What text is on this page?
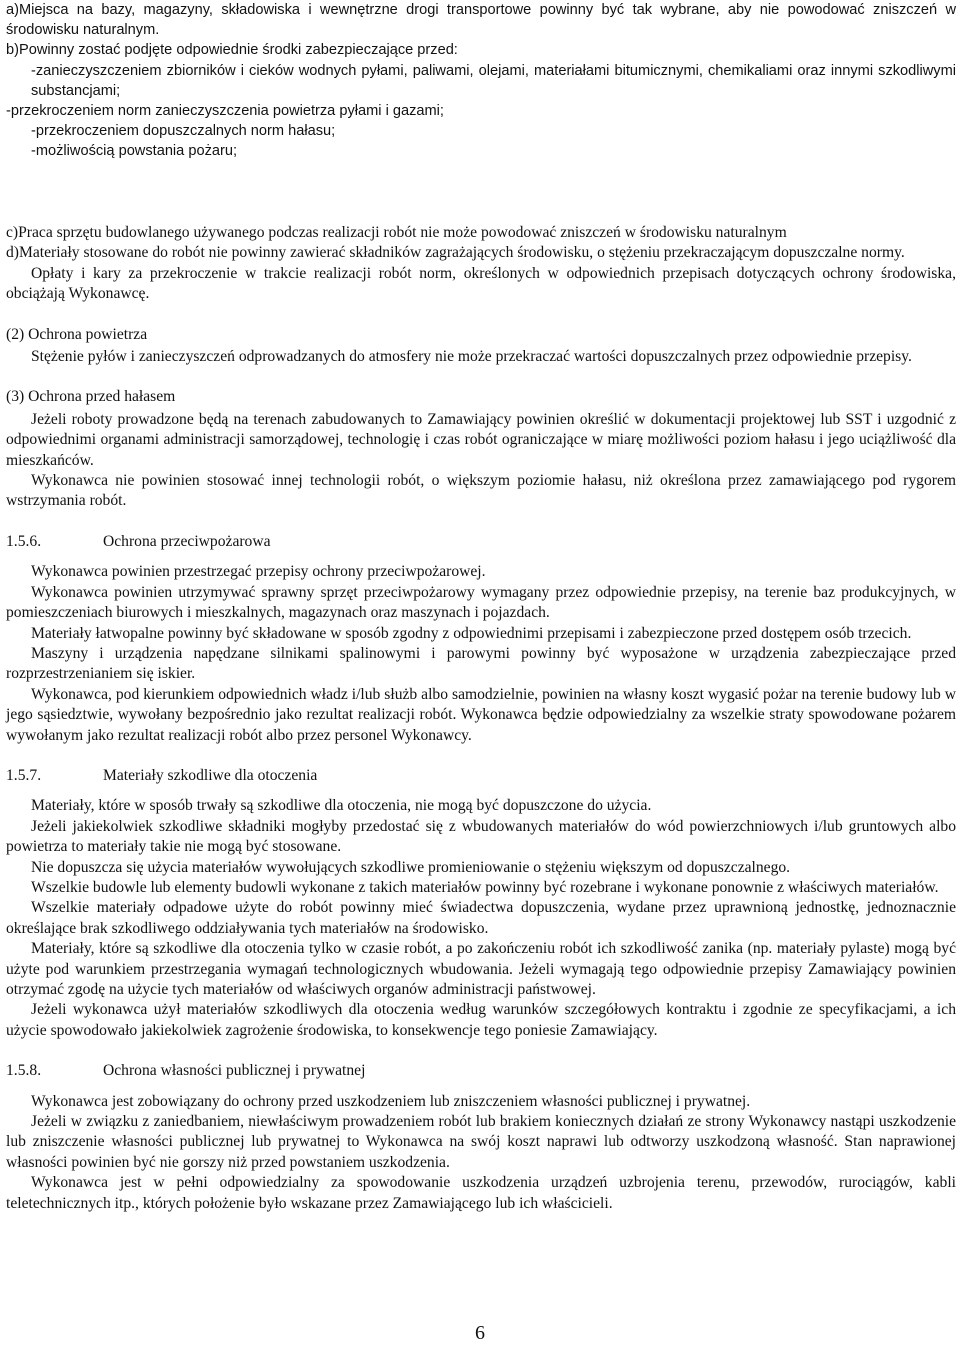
a)Miejsca na bazy, magazyny, składowiska i wewnętrzne drogi transportowe powinny być tak wybrane, aby nie powodować zniszczeń w środowisku naturalnym.

b)Powinny zostać podjęte odpowiednie środki zabezpieczające przed:

-zanieczyszczeniem zbiorników i cieków wodnych pyłami, paliwami, olejami, materiałami bitumicznymi, chemikaliami oraz innymi szkodliwymi substancjami;

-przekroczeniem norm zanieczyszczenia powietrza pyłami i gazami;

-przekroczeniem dopuszczalnych norm hałasu;

-możliwością powstania pożaru;

c)Praca sprzętu budowlanego używanego podczas realizacji robót nie może powodować zniszczeń w środowisku naturalnym

d)Materiały stosowane do robót nie powinny zawierać składników zagrażających środowisku, o stężeniu przekraczającym dopuszczalne normy.

Opłaty i kary za przekroczenie w trakcie realizacji robót norm, określonych w odpowiednich przepisach dotyczących ochrony środowiska, obciążają Wykonawcę.

(2) Ochrona powietrza

Stężenie pyłów i zanieczyszczeń odprowadzanych do atmosfery nie może przekraczać wartości dopuszczalnych przez odpowiednie przepisy.

(3) Ochrona przed hałasem

Jeżeli roboty prowadzone będą na terenach zabudowanych to Zamawiający powinien określić w dokumentacji projektowej lub SST i uzgodnić z odpowiednimi organami administracji samorządowej, technologię i czas robót ograniczające w miarę możliwości poziom hałasu i jego uciążliwość dla mieszkańców.

Wykonawca nie powinien stosować innej technologii robót, o większym poziomie hałasu, niż określona przez zamawiającego pod rygorem wstrzymania robót.

1.5.6.	Ochrona przeciwpożarowa

Wykonawca powinien przestrzegać przepisy ochrony przeciwpożarowej.

Wykonawca powinien utrzymywać sprawny sprzęt przeciwpożarowy wymagany przez odpowiednie przepisy, na terenie baz produkcyjnych, w pomieszczeniach biurowych i mieszkalnych, magazynach oraz maszynach i pojazdach.

Materiały łatwopalne powinny być składowane w sposób zgodny z odpowiednimi przepisami i zabezpieczone przed dostępem osób trzecich.

Maszyny i urządzenia napędzane silnikami spalinowymi i parowymi powinny być wyposażone w urządzenia zabezpieczające przed rozprzestrzenianiem się iskier.

Wykonawca, pod kierunkiem odpowiednich władz i/lub służb albo samodzielnie, powinien na własny koszt wygasić pożar na terenie budowy lub w jego sąsiedztwie, wywołany bezpośrednio jako rezultat realizacji robót. Wykonawca będzie odpowiedzialny za wszelkie straty spowodowane pożarem wywołanym jako rezultat realizacji robót albo przez personel Wykonawcy.

1.5.7.	Materiały szkodliwe dla otoczenia

Materiały, które w sposób trwały są szkodliwe dla otoczenia, nie mogą być dopuszczone do użycia.

Jeżeli jakiekolwiek szkodliwe składniki mogłyby przedostać się z wbudowanych materiałów do wód powierzchniowych i/lub gruntowych albo powietrza to materiały takie nie mogą być stosowane.

Nie dopuszcza się użycia materiałów wywołujących szkodliwe promieniowanie o stężeniu większym od dopuszczalnego.

Wszelkie budowle lub elementy budowli wykonane z takich materiałów powinny być rozebrane i wykonane ponownie z właściwych materiałów.

Wszelkie materiały odpadowe użyte do robót powinny mieć świadectwa dopuszczenia, wydane przez uprawnioną jednostkę, jednoznacznie określające brak szkodliwego oddziaływania tych materiałów na środowisko.

Materiały, które są szkodliwe dla otoczenia tylko w czasie robót, a po zakończeniu robót ich szkodliwość zanika (np. materiały pylaste) mogą być użyte pod warunkiem przestrzegania wymagań technologicznych wbudowania. Jeżeli wymagają tego odpowiednie przepisy Zamawiający powinien otrzymać zgodę na użycie tych materiałów od właściwych organów administracji państwowej.

Jeżeli wykonawca użył materiałów szkodliwych dla otoczenia według warunków szczegółowych kontraktu i zgodnie ze specyfikacjami, a ich użycie spowodowało jakiekolwiek zagrożenie środowiska, to konsekwencje tego poniesie Zamawiający.

1.5.8.	Ochrona własności publicznej i prywatnej

Wykonawca jest zobowiązany do ochrony przed uszkodzeniem lub zniszczeniem własności publicznej i prywatnej.

Jeżeli w związku z zaniedbaniem, niewłaściwym prowadzeniem robót lub brakiem koniecznych działań ze strony Wykonawcy nastąpi uszkodzenie lub zniszczenie własności publicznej lub prywatnej to Wykonawca na swój koszt naprawi lub odtworzy uszkodzoną własność. Stan naprawionej własności powinien być nie gorszy niż przed powstaniem uszkodzenia.

Wykonawca jest w pełni odpowiedzialny za spowodowanie uszkodzenia urządzeń uzbrojenia terenu, przewodów, rurociągów, kabli teletechnicznych itp., których położenie było wskazane przez Zamawiającego lub ich właścicieli.

6
